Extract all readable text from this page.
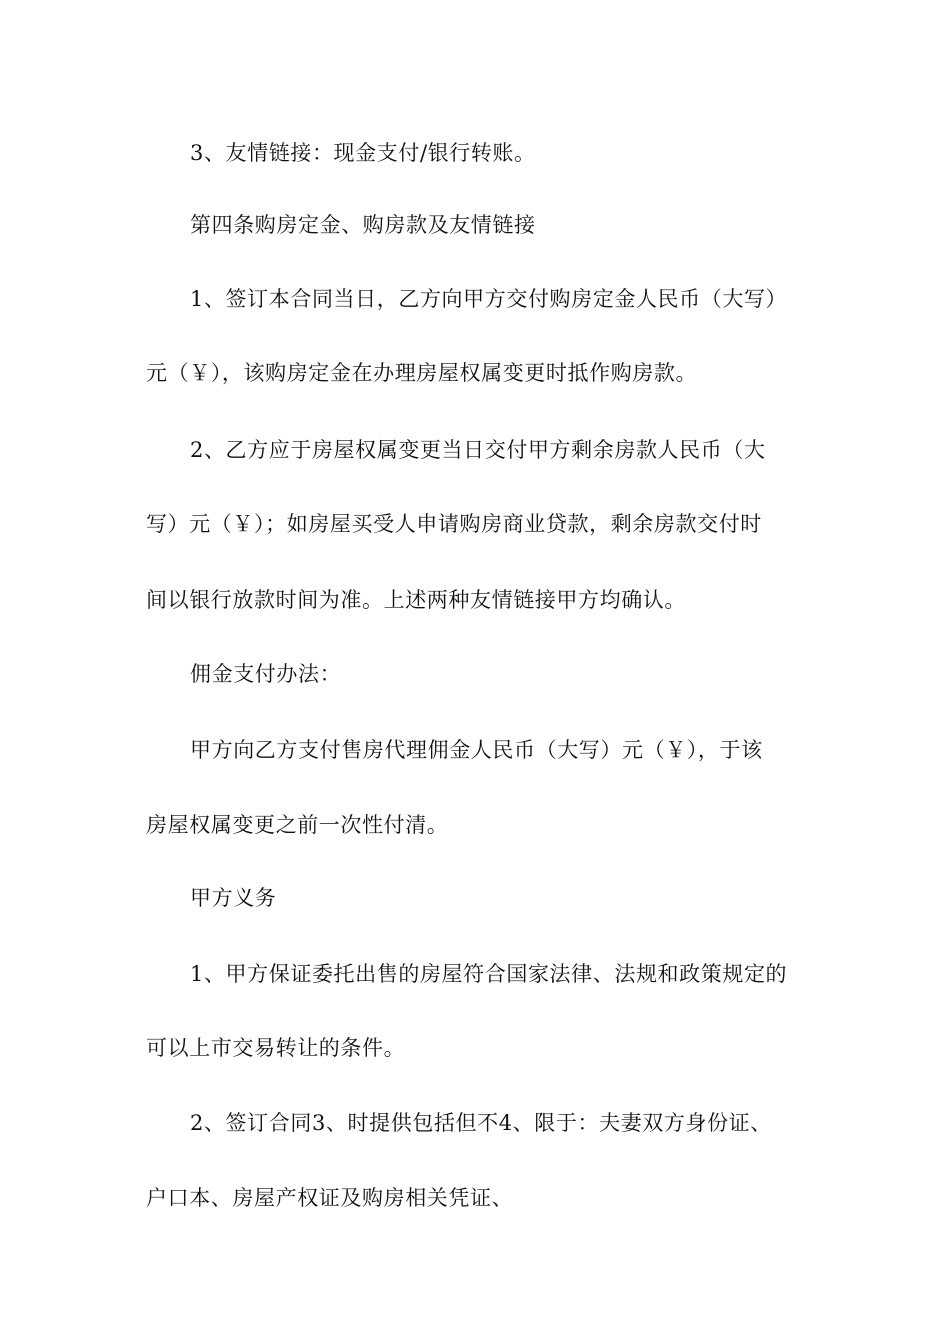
3、友情链接：现金支付/银行转账。
第四条购房定金、购房款及友情链接
1、签订本合同当日，乙方向甲方交付购房定金人民币（大写）
元（￥），该购房定金在办理房屋权属变更时抵作购房款。
2、乙方应于房屋权属变更当日交付甲方剩余房款人民币（大
写）元（￥）；如房屋买受人申请购房商业贷款，剩余房款交付时
间以银行放款时间为准。上述两种友情链接甲方均确认。
佣金支付办法：
甲方向乙方支付售房代理佣金人民币（大写）元（￥），于该
房屋权属变更之前一次性付清。
甲方义务
1、甲方保证委托出售的房屋符合国家法律、法规和政策规定的
可以上市交易转让的条件。
2、签订合同3、时提供包括但不4、限于：夫妻双方身份证、
户口本、房屋产权证及购房相关凭证、
